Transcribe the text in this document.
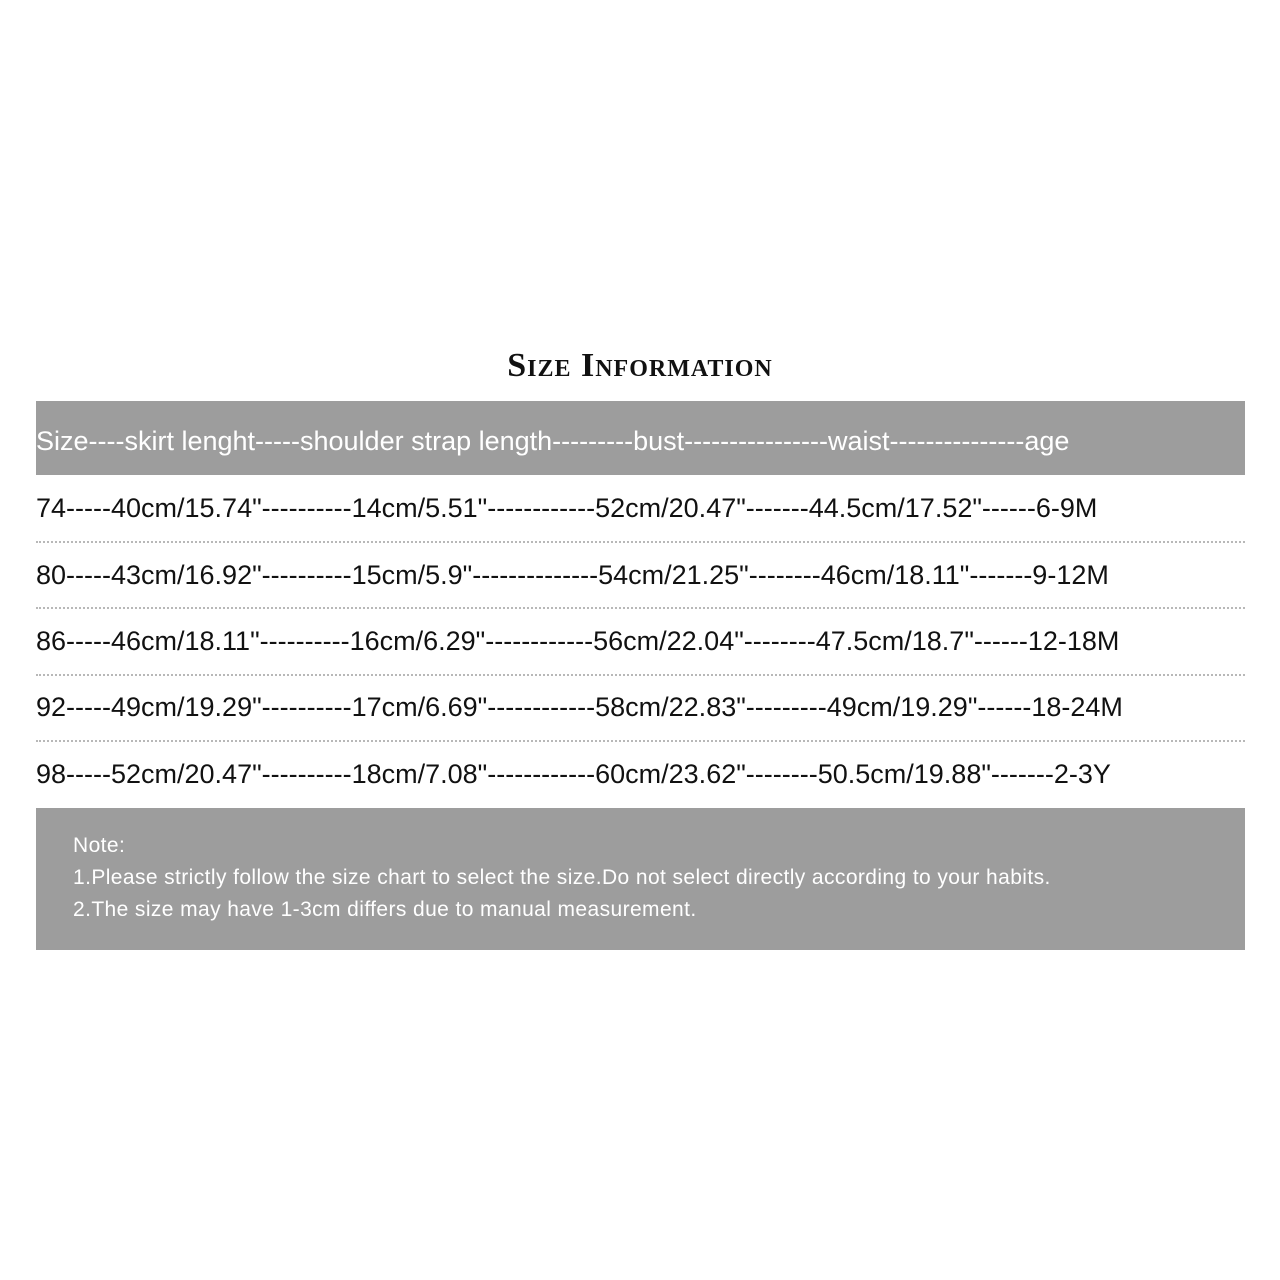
Size Information
Size----skirt lenght-----shoulder strap length---------bust----------------waist---------------age
74-----40cm/15.74"----------14cm/5.51"------------52cm/20.47"-------44.5cm/17.52"------6-9M
80-----43cm/16.92"----------15cm/5.9"--------------54cm/21.25"--------46cm/18.11"-------9-12M
86-----46cm/18.11"----------16cm/6.29"------------56cm/22.04"--------47.5cm/18.7"------12-18M
92-----49cm/19.29"----------17cm/6.69"------------58cm/22.83"---------49cm/19.29"------18-24M
98-----52cm/20.47"----------18cm/7.08"------------60cm/23.62"--------50.5cm/19.88"-------2-3Y
Note:
1.Please strictly follow the size chart to select the size.Do not select directly according to your habits.
2.The size may have 1-3cm differs due to manual measurement.
